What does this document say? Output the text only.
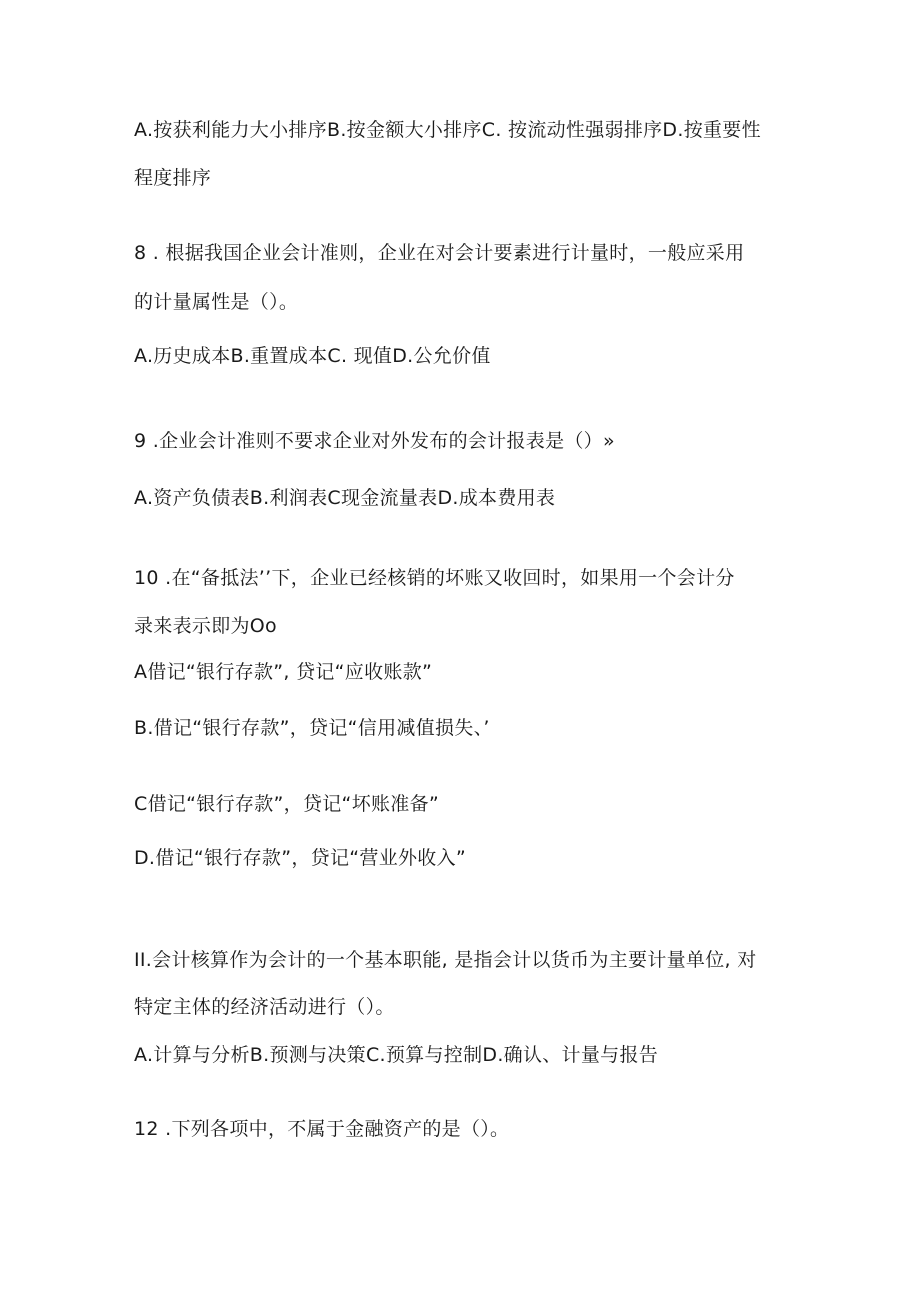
A.按获利能力大小排序B.按金额大小排序C. 按流动性强弱排序D.按重要性
程度排序
8 . 根据我国企业会计准则，企业在对会计要素进行计量时，一般应采用
的计量属性是（）。
A.历史成本B.重置成本C. 现值D.公允价值
9 .企业会计准则不要求企业对外发布的会计报表是（）»
A.资产负债表B.利润表C现金流量表D.成本费用表
10 .在“备抵法’’下，企业已经核销的坏账又收回时，如果用一个会计分
录来表示即为Oo
A借记“银行存款”, 贷记“应收账款”
B.借记“银行存款”，贷记“信用减值损失、’
C借记“银行存款”，贷记“坏账准备”
D.借记“银行存款”，贷记“营业外收入”
II.会计核算作为会计的一个基本职能, 是指会计以货币为主要计量单位, 对
特定主体的经济活动进行（）。
A.计算与分析B.预测与决策C.预算与控制D.确认、计量与报告
12 .下列各项中，不属于金融资产的是（）。
